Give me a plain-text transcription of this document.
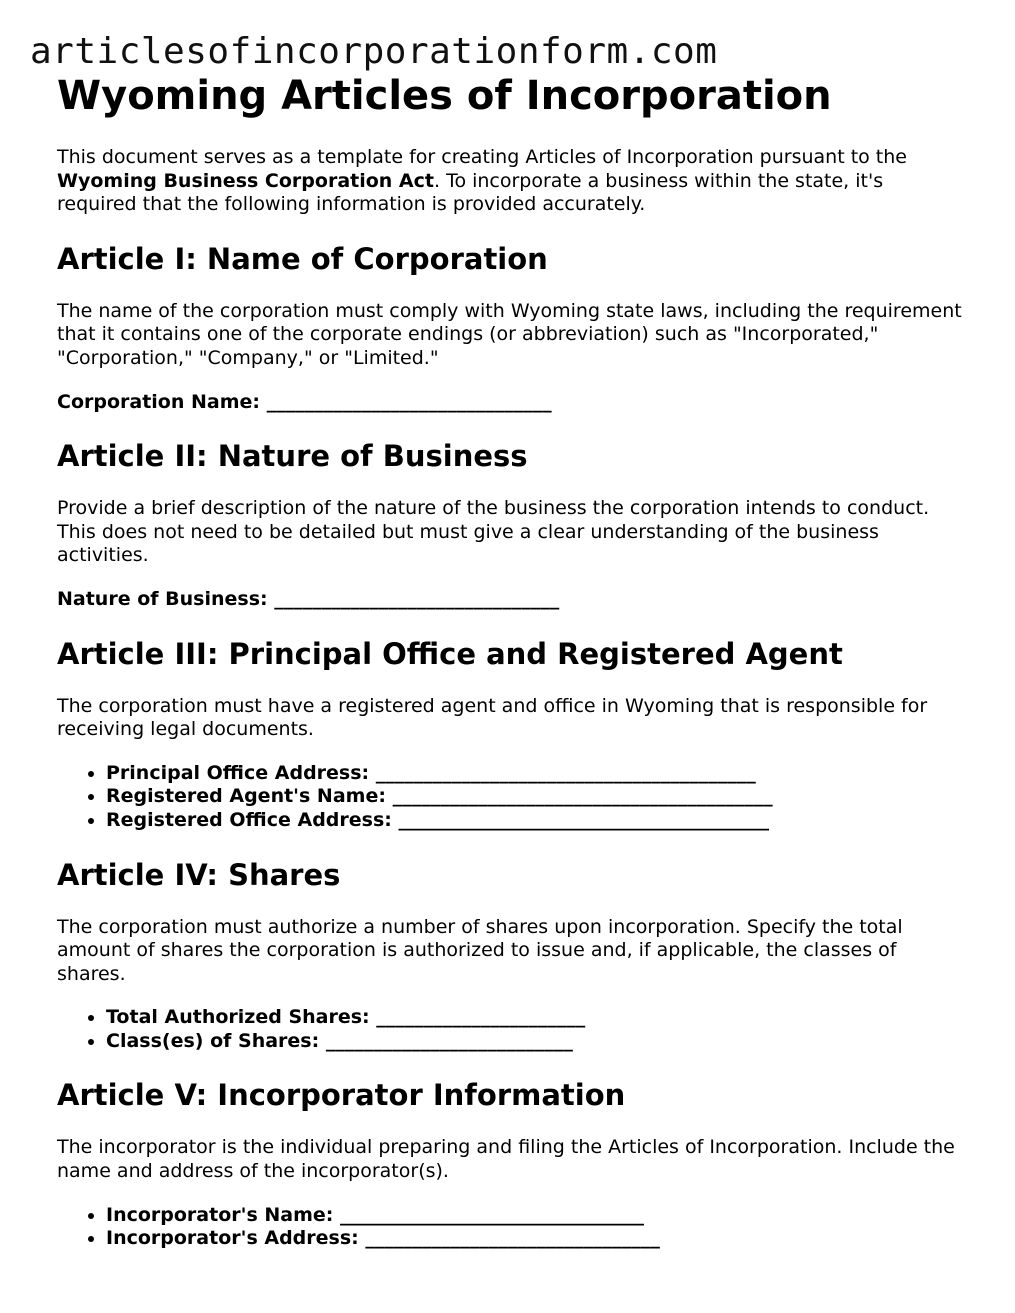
articlesofincorporationform.com
Wyoming Articles of Incorporation

This document serves as a template for creating Articles of Incorporation pursuant to the Wyoming Business Corporation Act. To incorporate a business within the state, it's required that the following information is provided accurately.

Article I: Name of Corporation

The name of the corporation must comply with Wyoming state laws, including the requirement that it contains one of the corporate endings (or abbreviation) such as "Incorporated," "Corporation," "Company," or "Limited."

Corporation Name: ______________________________
Article II: Nature of Business

Provide a brief description of the nature of the business the corporation intends to conduct. This does not need to be detailed but must give a clear understanding of the business activities.

Nature of Business: ______________________________
Article III: Principal Office and Registered Agent

The corporation must have a registered agent and office in Wyoming that is responsible for receiving legal documents.

• Principal Office Address: ________________________________________
• Registered Agent's Name: ________________________________________
• Registered Office Address: _______________________________________
Article IV: Shares

The corporation must authorize a number of shares upon incorporation. Specify the total amount of shares the corporation is authorized to issue and, if applicable, the classes of shares.

• Total Authorized Shares: ______________________
• Class(es) of Shares: __________________________
Article V: Incorporator Information

The incorporator is the individual preparing and filing the Articles of Incorporation. Include the name and address of the incorporator(s).

• Incorporator's Name: ________________________________
• Incorporator's Address: _______________________________
